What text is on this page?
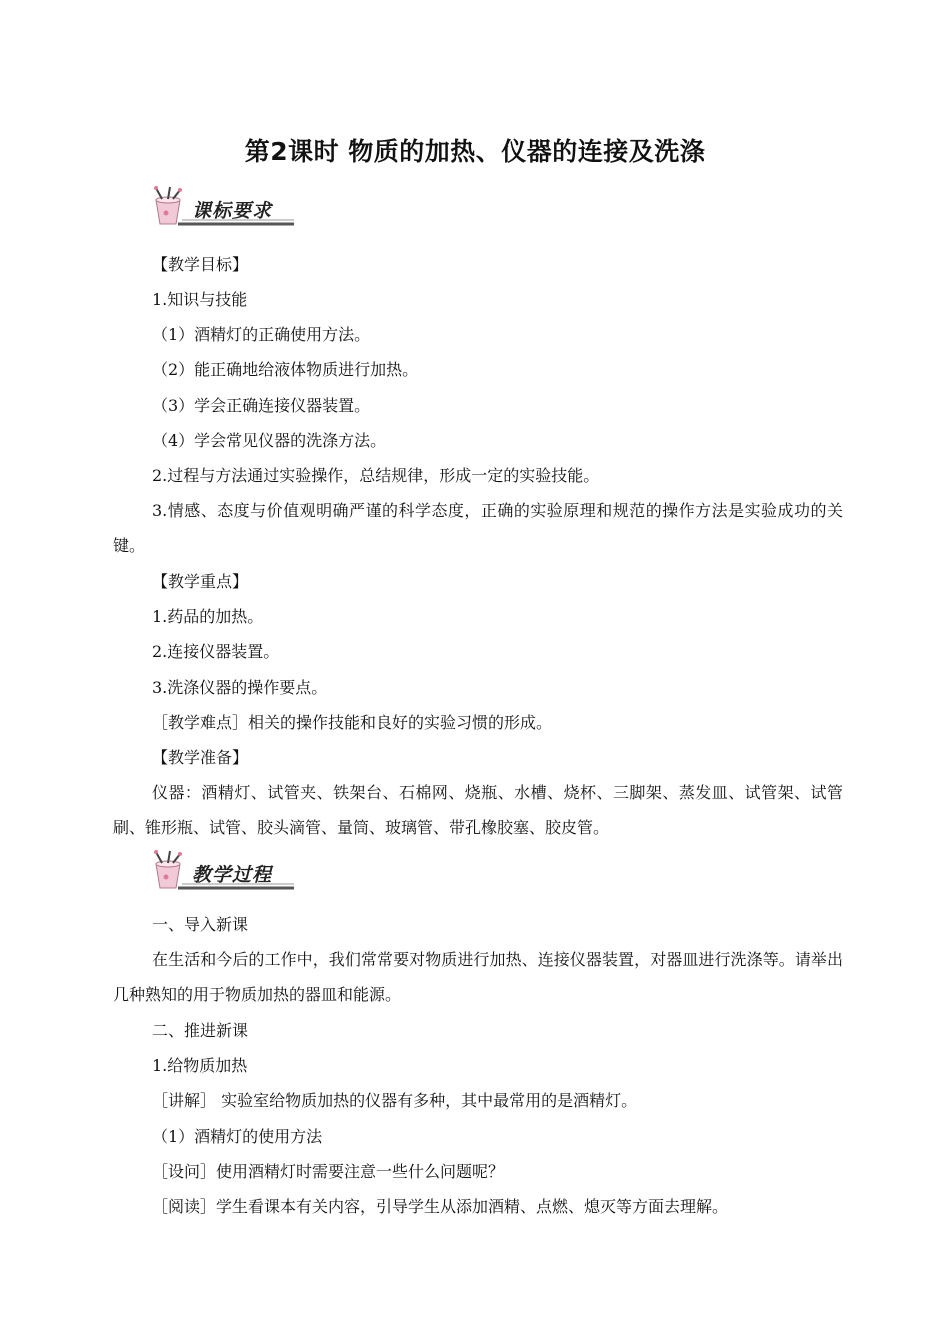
第2课时 物质的加热、仪器的连接及洗涤
课标要求

【教学目标】

1.知识与技能

（1）酒精灯的正确使用方法。

（2）能正确地给液体物质进行加热。

（3）学会正确连接仪器装置。

（4）学会常见仪器的洗涤方法。

2.过程与方法通过实验操作，总结规律，形成一定的实验技能。

3.情感、态度与价值观明确严谨的科学态度，正确的实验原理和规范的操作方法是实验成功的关键。

【教学重点】

1.药品的加热。

2.连接仪器装置。

3.洗涤仪器的操作要点。

［教学难点］相关的操作技能和良好的实验习惯的形成。

【教学准备】

仪器：酒精灯、试管夹、铁架台、石棉网、烧瓶、水槽、烧杯、三脚架、蒸发皿、试管架、试管刷、锥形瓶、试管、胶头滴管、量筒、玻璃管、带孔橡胶塞、胶皮管。

教学过程

一、导入新课

在生活和今后的工作中，我们常常要对物质进行加热、连接仪器装置，对器皿进行洗涤等。请举出几种熟知的用于物质加热的器皿和能源。

二、推进新课

1.给物质加热

［讲解］ 实验室给物质加热的仪器有多种，其中最常用的是酒精灯。

（1）酒精灯的使用方法

［设问］使用酒精灯时需要注意一些什么问题呢？

［阅读］学生看课本有关内容，引导学生从添加酒精、点燃、熄灭等方面去理解。
